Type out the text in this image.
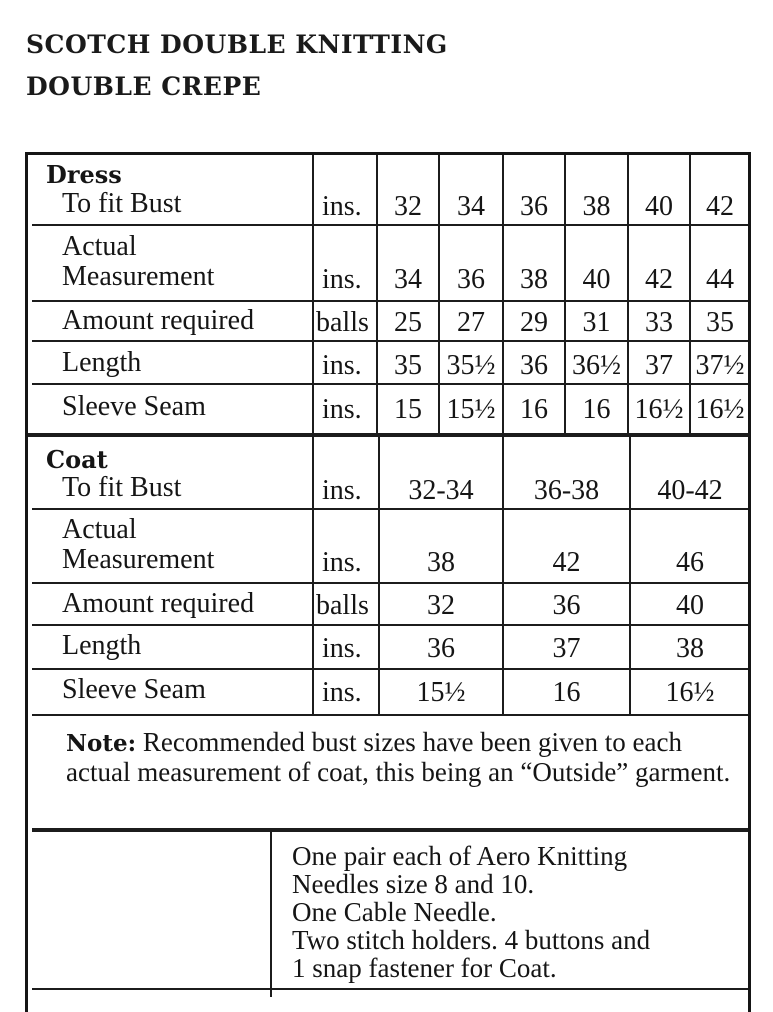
SCOTCH DOUBLE KNITTING
DOUBLE CREPE
Dress
To fit Bust	ins.	32	34	36	38	40	42
Actual
Measurement	ins.	34	36	38	40	42	44
Amount required balls 25	27	29	31	33	35
Length	ins.	35 35½ 36 36½ 37 37½
Sleeve Seam	ins.	15 15½ 16	16 16½ 16½
Coat
To fit Bust	ins.	32-34	36-38	40-42
Actual
Measurement	ins.	38	42	46
Amount required balls	32	36	40
Length	ins.	36	37	38
Sleeve Seam	ins.	15½	16	16½
Note: Recommended bust sizes have been given to each actual measurement of coat, this being an “Outside” garment.
One pair each of Aero Knitting
Needles size 8 and 10.
One Cable Needle.
Two stitch holders. 4 buttons and
1 snap fastener for Coat.
